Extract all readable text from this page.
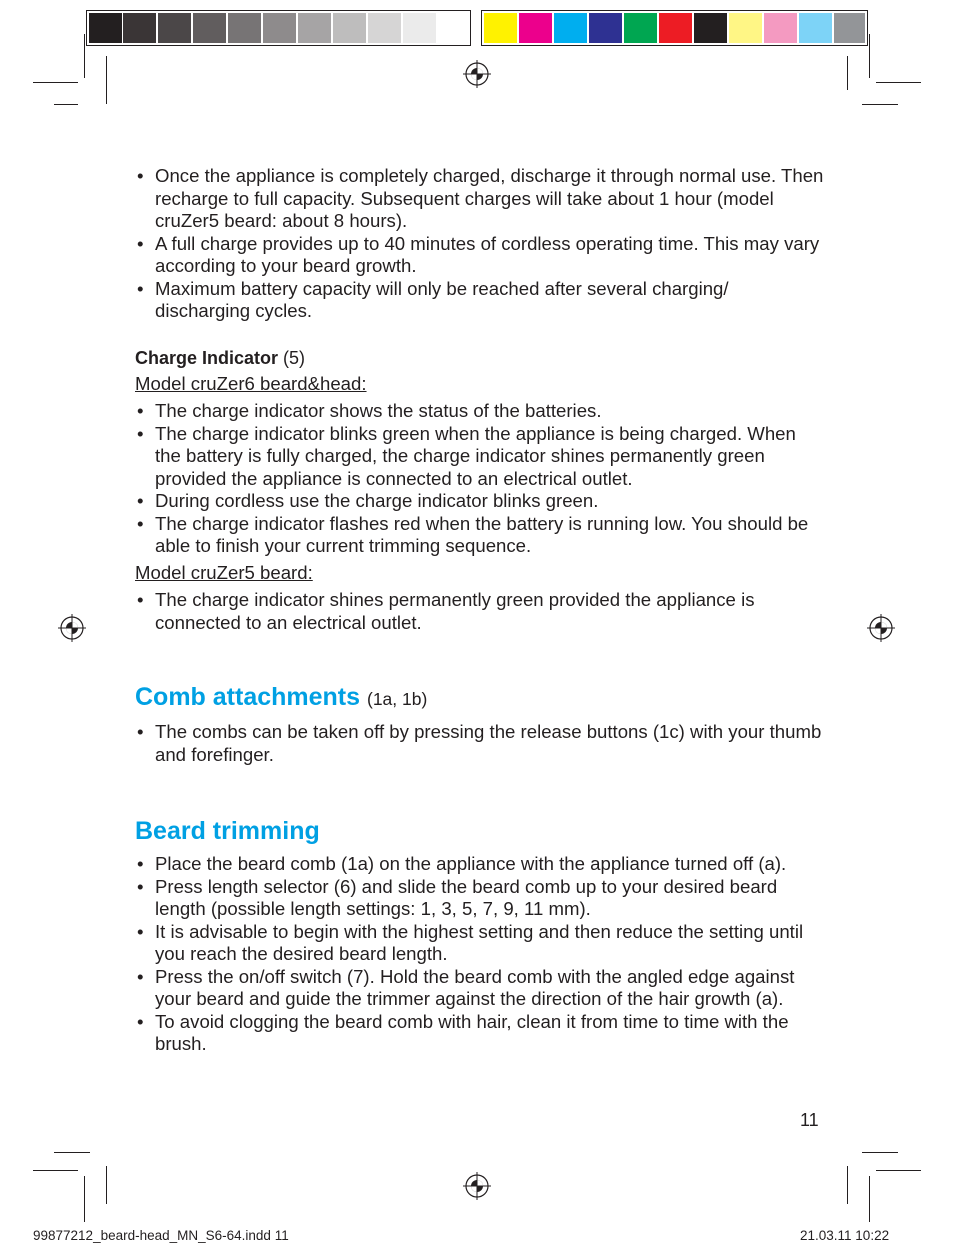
• Once the appliance is completely charged, discharge it through normal use. Then recharge to full capacity. Subsequent charges will take about 1 hour (model cruZer5 beard: about 8 hours).
• A full charge provides up to 40 minutes of cordless operating time. This may vary according to your beard growth.
• Maximum battery capacity will only be reached after several charging/ discharging cycles.
Charge Indicator (5)
Model cruZer6 beard&head:
• The charge indicator shows the status of the batteries.
• The charge indicator blinks green when the appliance is being charged. When the battery is fully charged, the charge indicator shines permanently green provided the appliance is connected to an electrical outlet.
• During cordless use the charge indicator blinks green.
• The charge indicator flashes red when the battery is running low. You should be able to finish your current trimming sequence.
Model cruZer5 beard:
• The charge indicator shines permanently green provided the appliance is connected to an electrical outlet.
Comb attachments (1a, 1b)
• The combs can be taken off by pressing the release buttons (1c) with your thumb and forefinger.
Beard trimming
• Place the beard comb (1a) on the appliance with the appliance turned off (a).
• Press length selector (6) and slide the beard comb up to your desired beard length (possible length settings: 1, 3, 5, 7, 9, 11 mm).
• It is advisable to begin with the highest setting and then reduce the setting until you reach the desired beard length.
• Press the on/off switch (7). Hold the beard comb with the angled edge against your beard and guide the trimmer against the direction of the hair growth (a).
• To avoid clogging the beard comb with hair, clean it from time to time with the brush.
11
99877212_beard-head_MN_S6-64.indd 11	21.03.11 10:22
